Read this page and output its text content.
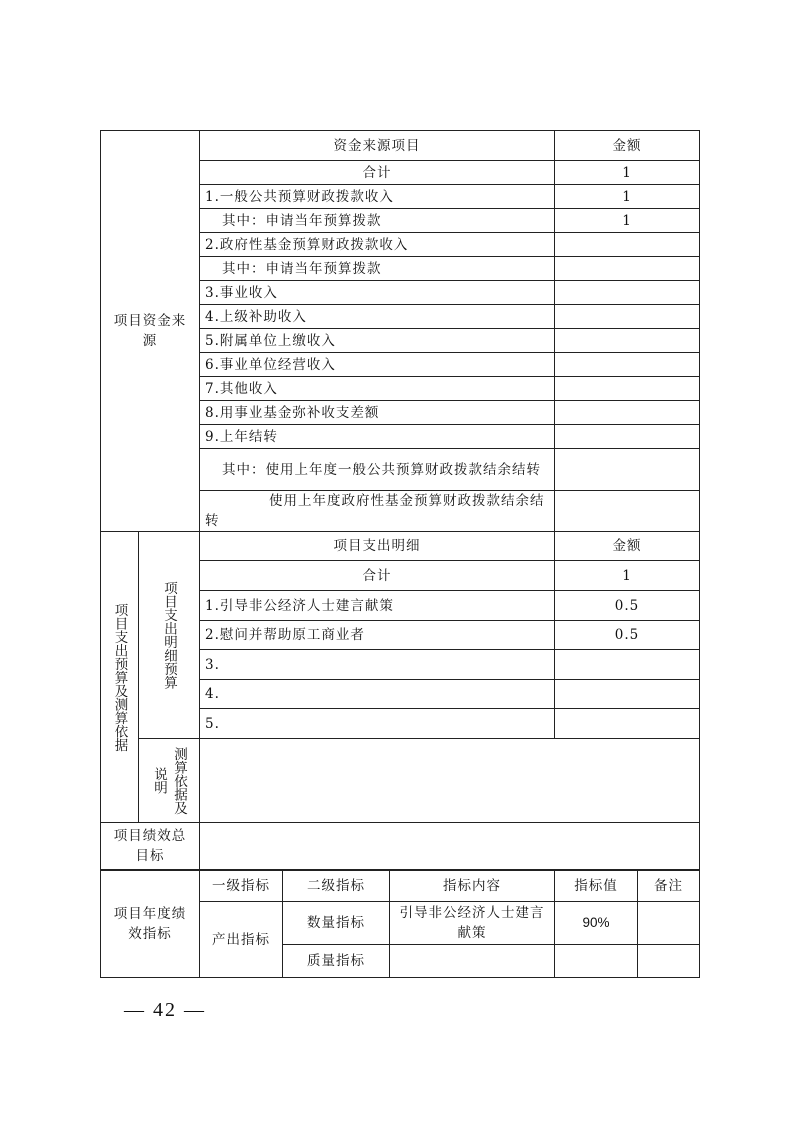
项目资金来源	资金来源项目	金额
	合计	1
	1.一般公共预算财政拨款收入	1
	其中：申请当年预算拨款	1
	2.政府性基金预算财政拨款收入	
	其中：申请当年预算拨款	
	3.事业收入	
	4.上级补助收入	
	5.附属单位上缴收入	
	6.事业单位经营收入	
	7.其他收入	
	8.用事业基金弥补收支差额	
	9.上年结转	
	其中：使用上年度一般公共预算财政拨款结余结转	
	使用上年度政府性基金预算财政拨款结余结转	
项目支出预算及测算依据	项目支出明细预算	项目支出明细	金额
		合计	1
		1.引导非公经济人士建言献策	0.5
		2.慰问并帮助原工商业者	0.5
		3.	
		4.	
		5.	

	测算依据及说明		

项目绩效总目标	
项目年度绩效指标	一级指标	二级指标	指标内容	指标值	备注
	产出指标	数量指标	引导非公经济人士建言献策	90%	
		质量指标			
— 42 —
